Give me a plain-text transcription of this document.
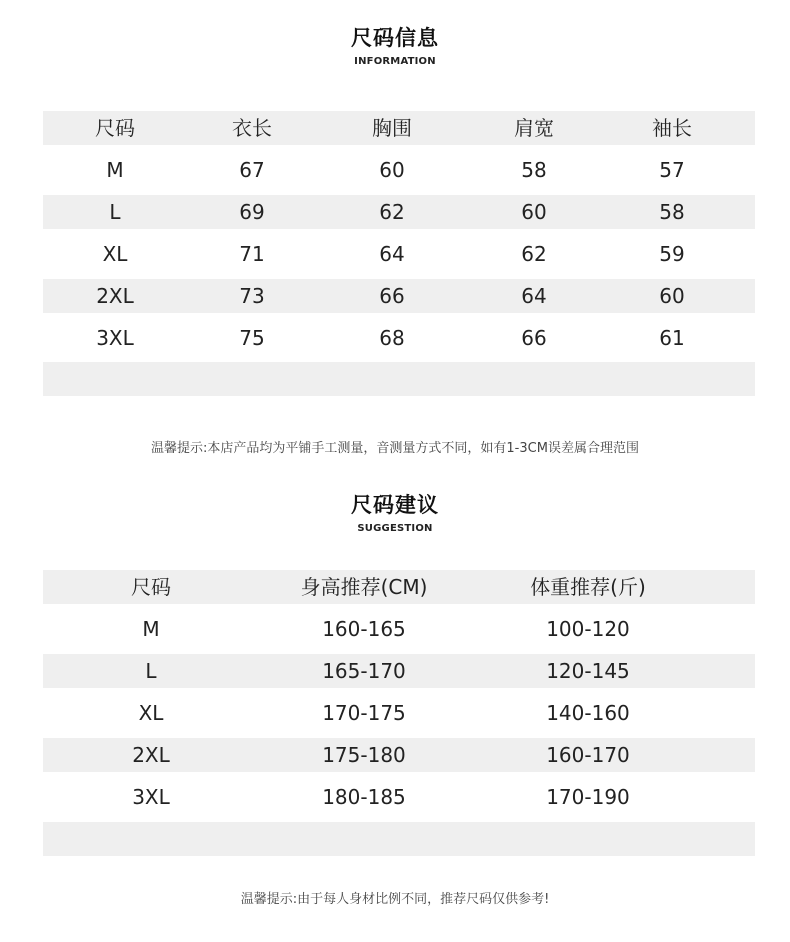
尺码信息
INFORMATION
尺码	衣长	胸围	肩宽	袖长
M	67	60	58	57
L	69	62	60	58
XL	71	64	62	59
2XL	73	66	64	60
3XL	75	68	66	61
温馨提示:本店产品均为平铺手工测量，音测量方式不同，如有1-3CM误差属合理范围
尺码建议
SUGGESTION
尺码	身高推荐(CM)	体重推荐(斤)
M	160-165	100-120
L	165-170	120-145
XL	170-175	140-160
2XL	175-180	160-170
3XL	180-185	170-190
温馨提示:由于每人身材比例不同，推荐尺码仅供参考!
